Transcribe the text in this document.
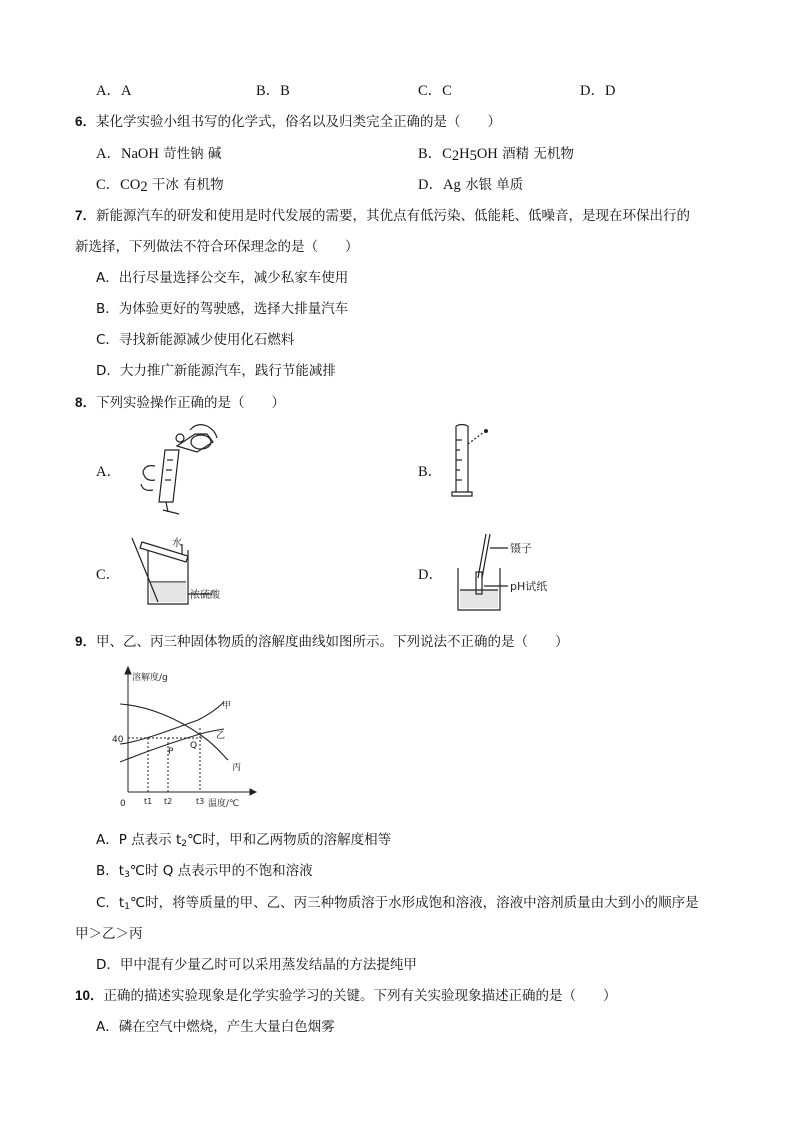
A．A	B．B	C．C	D．D
6．某化学实验小组书写的化学式，俗名以及归类完全正确的是（　　）
A．NaOH 苛性钠 碱	B．$C_2H_5OH$ 酒精 无机物
C．$CO_2$ 干冰 有机物	D．Ag 水银 单质
7．新能源汽车的研发和使用是时代发展的需要，其优点有低污染、低能耗、低噪音，是现在环保出行的
新选择，下列做法不符合环保理念的是（　　）
A．出行尽量选择公交车，减少私家车使用
B．为体验更好的驾驶感，选择大排量汽车
C．寻找新能源减少使用化石燃料
D．大力推广新能源汽车，践行节能减排
8．下列实验操作正确的是（　　）
A．	B．
C．
水
浓硫酸
D．
镊子
pH试纸
9．甲、乙、丙三种固体物质的溶解度曲线如图所示。下列说法不正确的是（　　）
溶解度/g
温度/℃
0
40
t1 t2	t3
甲
乙
丙
P
Q
A．P 点表示 $t_2℃$时，甲和乙两物质的溶解度相等
B．$t_3℃$时 Q 点表示甲的不饱和溶液
C．$t_1℃$时，将等质量的甲、乙、丙三种物质溶于水形成饱和溶液，溶液中溶剂质量由大到小的顺序是
甲＞乙＞丙
D．甲中混有少量乙时可以采用蒸发结晶的方法提纯甲
10．正确的描述实验现象是化学实验学习的关键。下列有关实验现象描述正确的是（　　）
A．磷在空气中燃烧，产生大量白色烟雾
